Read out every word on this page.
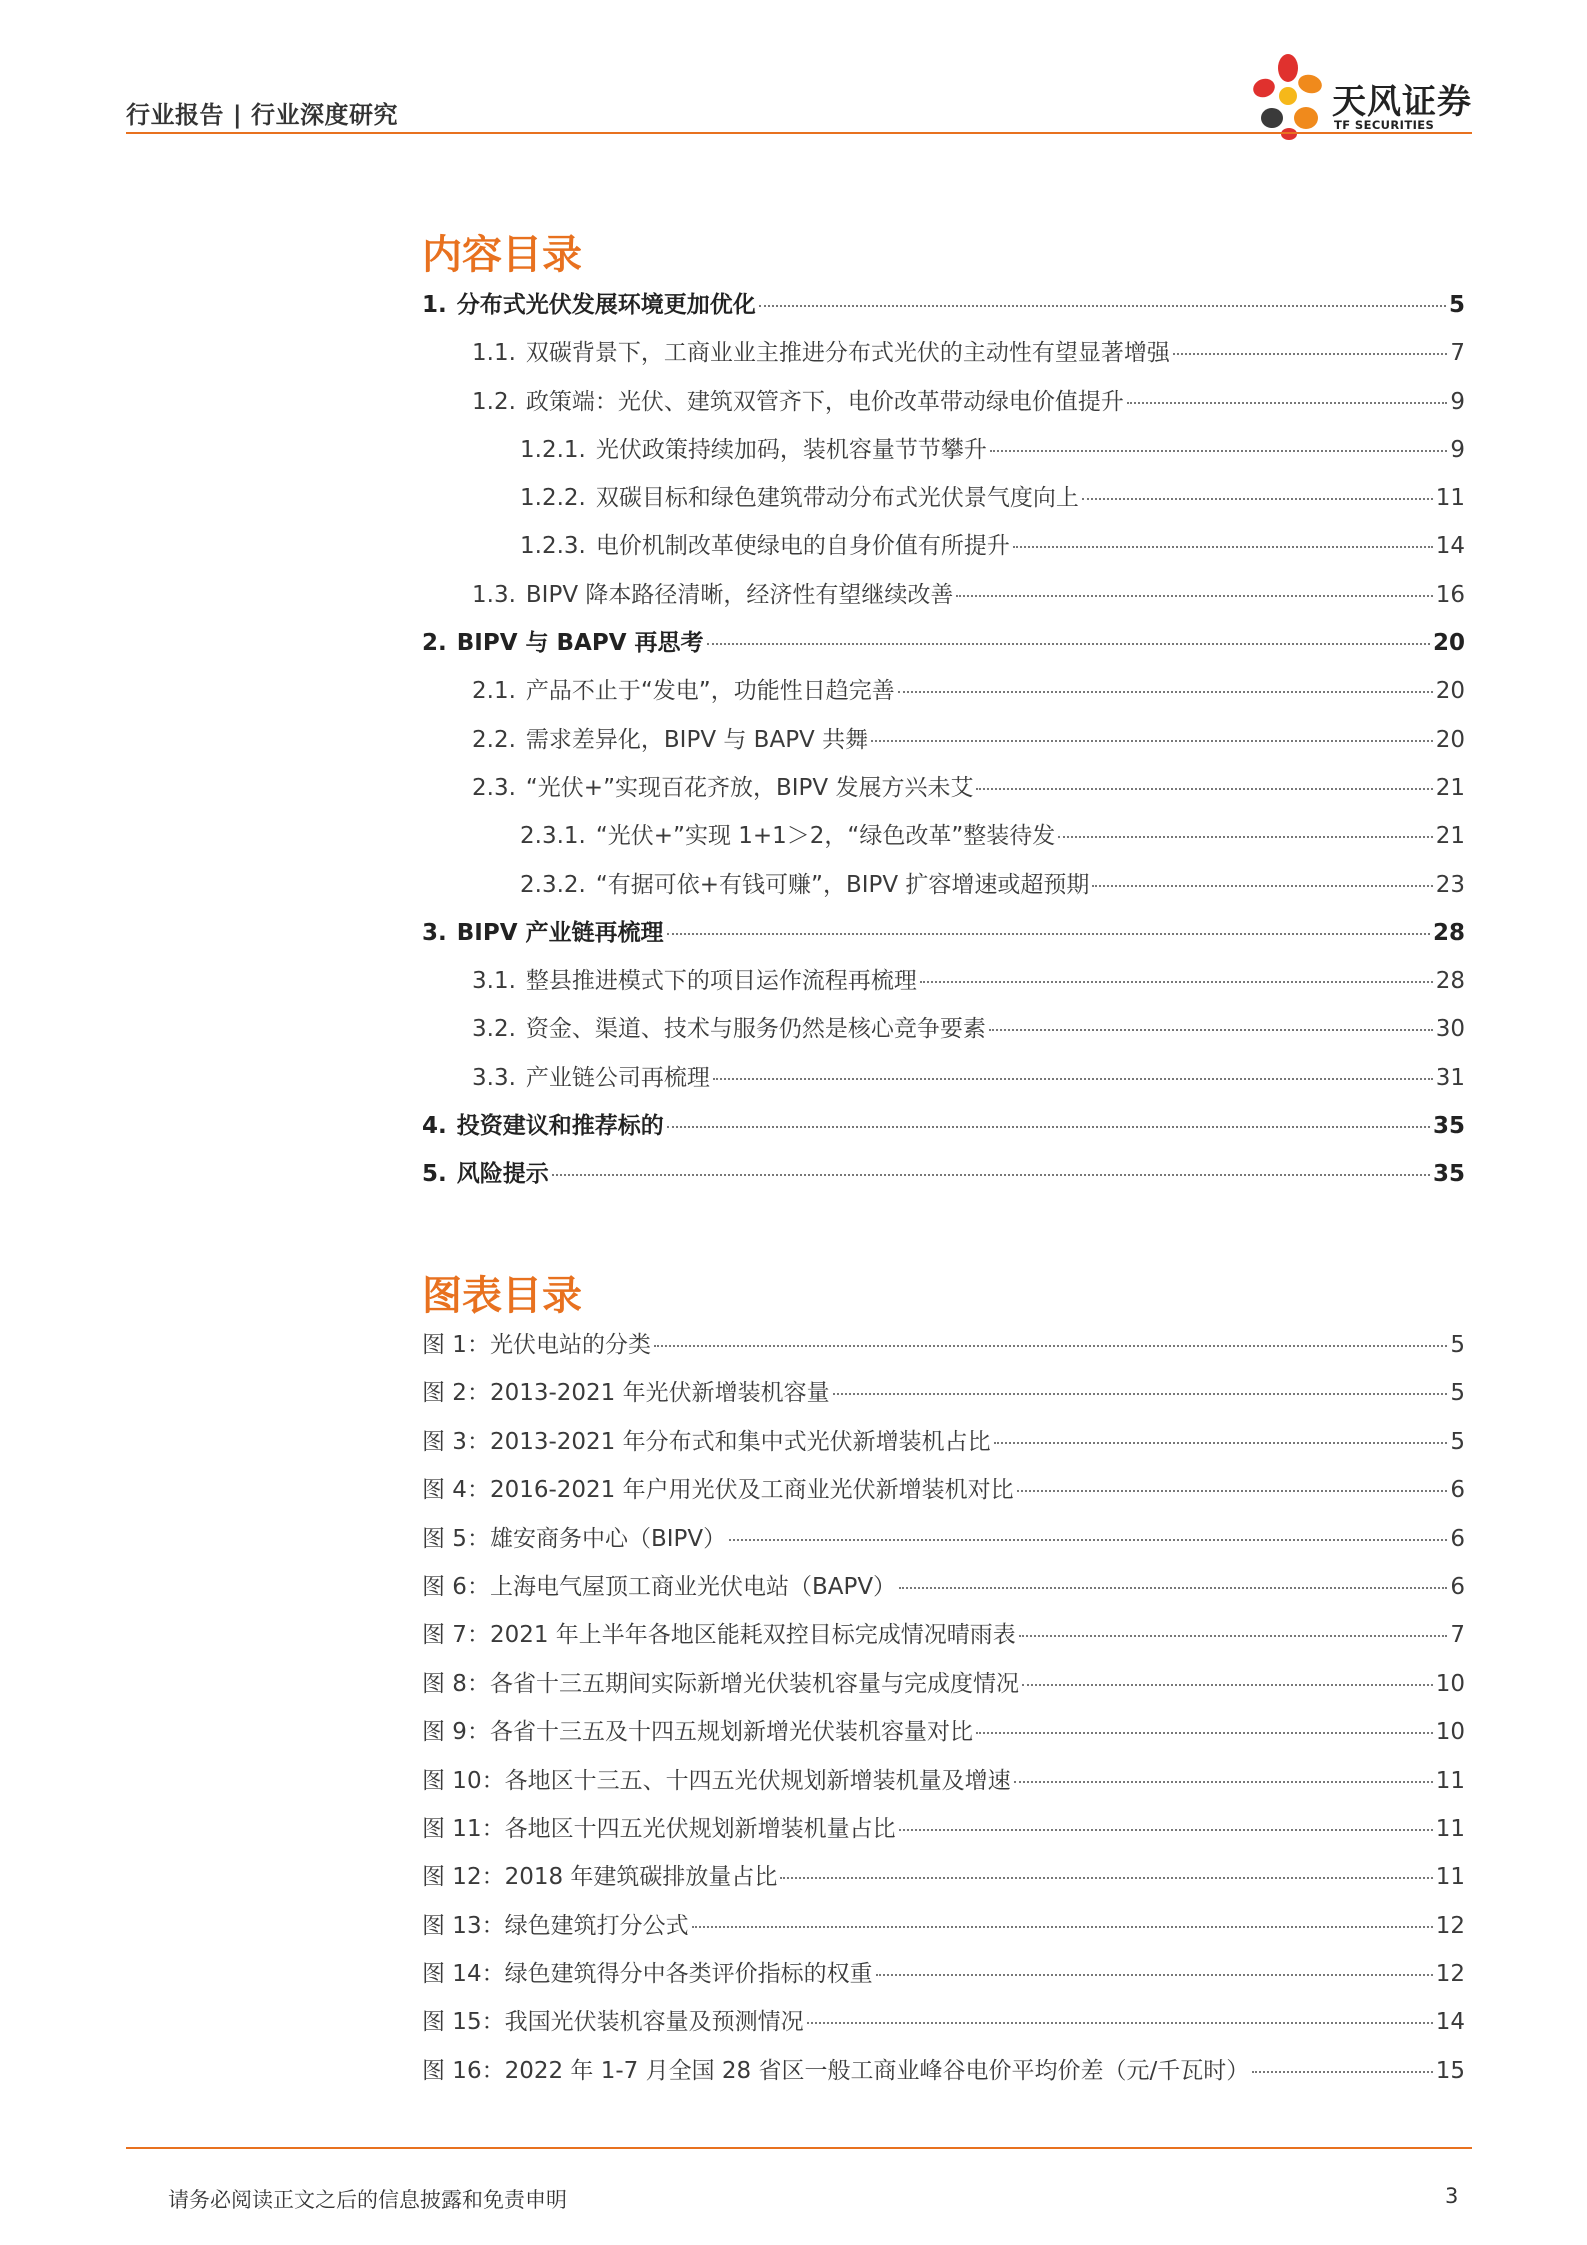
行业报告 | 行业深度研究	天风证券
TF SECURITIES
内容目录
1. 分布式光伏发展环境更加优化	5
1.1. 双碳背景下，工商业业主推进分布式光伏的主动性有望显著增强	7
1.2. 政策端：光伏、建筑双管齐下，电价改革带动绿电价值提升	9
1.2.1. 光伏政策持续加码，装机容量节节攀升	9
1.2.2. 双碳目标和绿色建筑带动分布式光伏景气度向上	11
1.2.3. 电价机制改革使绿电的自身价值有所提升	14
1.3. BIPV 降本路径清晰，经济性有望继续改善	16
2. BIPV 与 BAPV 再思考	20
2.1. 产品不止于“发电”，功能性日趋完善	20
2.2. 需求差异化，BIPV 与 BAPV 共舞	20
2.3. “光伏+”实现百花齐放，BIPV 发展方兴未艾	21
2.3.1. “光伏+”实现 1+1＞2，“绿色改革”整装待发	21
2.3.2. “有据可依+有钱可赚”，BIPV 扩容增速或超预期	23
3. BIPV 产业链再梳理	28
3.1. 整县推进模式下的项目运作流程再梳理	28
3.2. 资金、渠道、技术与服务仍然是核心竞争要素	30
3.3. 产业链公司再梳理	31
4. 投资建议和推荐标的	35
5. 风险提示	35
图表目录
图 1：光伏电站的分类	5
图 2：2013-2021 年光伏新增装机容量	5
图 3：2013-2021 年分布式和集中式光伏新增装机占比	5
图 4：2016-2021 年户用光伏及工商业光伏新增装机对比	6
图 5：雄安商务中心（BIPV）	6
图 6：上海电气屋顶工商业光伏电站（BAPV）	6
图 7：2021 年上半年各地区能耗双控目标完成情况晴雨表	7
图 8：各省十三五期间实际新增光伏装机容量与完成度情况	10
图 9：各省十三五及十四五规划新增光伏装机容量对比	10
图 10：各地区十三五、十四五光伏规划新增装机量及增速	11
图 11：各地区十四五光伏规划新增装机量占比	11
图 12：2018 年建筑碳排放量占比	11
图 13：绿色建筑打分公式	12
图 14：绿色建筑得分中各类评价指标的权重	12
图 15：我国光伏装机容量及预测情况	14
图 16：2022 年 1-7 月全国 28 省区一般工商业峰谷电价平均价差（元/千瓦时）	15
请务必阅读正文之后的信息披露和免责申明	3
